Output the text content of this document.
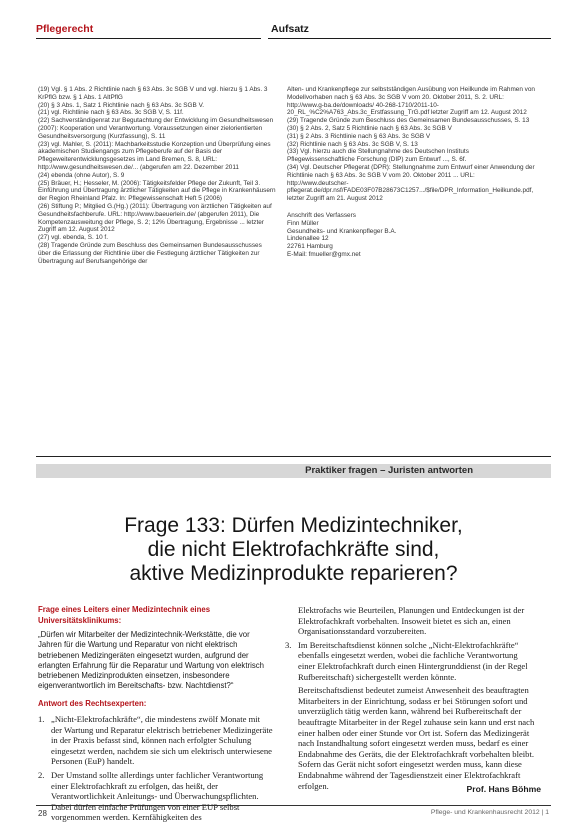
Pflegerecht	Aufsatz

(19) Vgl. § 1 Abs. 2 Richtlinie nach § 63 Abs. 3c SGB V und vgl. hierzu § 1 Abs. 3 KrPflG bzw. § 1 Abs. 1 AltPflG

(20) § 3 Abs. 1, Satz 1 Richtlinie nach § 63 Abs. 3c SGB V.

(21) vgl. Richtlinie nach § 63 Abs. 3c SGB V, S. 11f.

(22) Sachverständigenrat zur Begutachtung der Entwicklung im Gesundheitswesen (2007): Kooperation und Verantwortung. Voraussetzungen einer zielorientierten Gesundheitsversorgung (Kurzfassung), S. 11

(23) vgl. Mahler, S. (2011): Machbarkeitsstudie Konzeption und Überprüfung eines akademischen Studiengangs zum Pflegeberufe auf der Basis der Pflegeweiterentwicklungsgesetzes im Land Bremen, S. 8, URL: http://www.gesundheitswesen.de/... (abgerufen am 22. Dezember 2011

(24) ebenda (ohne Autor), S. 9

(25) Bräuer, H.; Hesseler, M. (2006): Tätigkeitsfelder Pflege der Zukunft, Teil 3. Einführung und Übertragung ärztlicher Tätigkeiten auf die Pflege in Krankenhäusern der Region Rheinland Pfalz. In: Pflegewissenschaft Heft 5 (2006)

(26) Stiftung P.; Mitglied G.(Hg.) (2011): Übertragung von ärztlichen Tätigkeiten auf Gesundheitsfachberufe. URL: http://www.baeuerlein.de/ (abgerufen 2011), Die Kompetenzausweitung der Pflege, S. 2; 12% Übertragung, Ergebnisse ... letzter Zugriff am 12. August 2012

(27) vgl. ebenda, S. 10 f.

(28) Tragende Gründe zum Beschluss des Gemeinsamen Bundesausschusses über die Erlassung der Richtlinie über die Festlegung ärztlicher Tätigkeiten zur Übertragung auf Berufsangehörige der

Alten- und Krankenpflege zur selbstständigen Ausübung von Heilkunde im Rahmen von Modellvorhaben nach § 63 Abs. 3c SGB V vom 20. Oktober 2011, S. 2. URL: http://www.g-ba.de/downloads/ 40-268-1710/2011-10-20_RL_%C2%A763_Abs.3c_Erstfassung_TrG.pdf letzter Zugriff am 12. August 2012

(29) Tragende Gründe zum Beschluss des Gemeinsamen Bundesausschusses, S. 13

(30) § 2 Abs. 2, Satz 5 Richtlinie nach § 63 Abs. 3c SGB V

(31) § 2 Abs. 3 Richtlinie nach § 63 Abs. 3c SGB V

(32) Richtlinie nach § 63 Abs. 3c SGB V, S. 13

(33) Vgl. hierzu auch die Stellungnahme des Deutschen Instituts Pflegewissenschaftliche Forschung (DIP) zum Entwurf ..., S. 6f.

(34) Vgl. Deutscher Pflegerat (DPR): Stellungnahme zum Entwurf einer Anwendung der Richtlinie nach § 63 Abs. 3c SGB V vom 20. Oktober 2011 ... URL: http://www.deutscher-pflegerat.de/dpr.nsf/FADE03F07B28673C1257.../$file/DPR_Information_Heilkunde.pdf, letzter Zugriff am 21. August 2012

Anschrift des Verfassers

Finn Müller

Gesundheits- und Krankenpfleger B.A.

Lindenallee 12

22761 Hamburg

E-Mail: fmueller@gmx.net

Praktiker fragen – Juristen antworten
Frage 133: Dürfen Medizintechniker,
die nicht Elektrofachkräfte sind,
aktive Medizinprodukte reparieren?

Frage eines Leiters einer Medizintechnik eines Universitätsklinikums:

„Dürfen wir Mitarbeiter der Medizintechnik-Werkstätte, die vor Jahren für die Wartung und Reparatur von nicht elektrisch betriebenen Medizingeräten eingesetzt wurden, aufgrund der erlangten Erfahrung für die Reparatur und Wartung von elektrisch betriebenen Medizinprodukten einsetzen, insbesondere eigenverantwortlich im Bereitschafts- bzw. Nachtdienst?“

Antwort des Rechtsexperten:

1. „Nicht-Elektrofachkräfte“, die mindestens zwölf Monate mit der Wartung und Reparatur elektrisch betriebener Medizingeräte in der Praxis befasst sind, können nach erfolgter Schulung eingesetzt werden, nachdem sie sich um elektrisch unterwiesene Personen (EuP) handelt.
2. Der Umstand sollte allerdings unter fachlicher Verantwortung einer Elektrofachkraft zu erfolgen, das heißt, der Verantwortlichkeit Anleitungs- und Überwachungspflichten. Dabei dürfen einfache Prüfungen von einer EUP selbst vorgenommen werden. Kernfähigkeiten des
Elektrofachs wie Beurteilen, Planungen und Entdeckungen ist der Elektrofachkraft vorbehalten. Insoweit bietet es sich an, einen Organisationsstandard vorzubereiten.
3. Im Bereitschaftsdienst können solche „Nicht-Elektrofachkräfte“ ebenfalls eingesetzt werden, wobei die fachliche Verantwortung einer Elektrofachkraft durch einen Hintergrunddienst (in der Regel Rufbereitschaft) sichergestellt werden könnte.
Bereitschaftsdienst bedeutet zumeist Anwesenheit des beauftragten Mitarbeiters in der Einrichtung, sodass er bei Störungen sofort und unverzüglich tätig werden kann, während bei Rufbereitschaft der beauftragte Mitarbeiter in der Regel zuhause sein kann und erst nach einer halben oder einer Stunde vor Ort ist. Sofern das Medizingerät nach Instandhaltung sofort eingesetzt werden muss, bedarf es einer Endabnahme des Geräts, die der Elektrofachkraft vorbehalten bleibt. Sofern das Gerät nicht sofort eingesetzt werden muss, kann diese Endabnahme während der Tagesdienstzeit einer Elektrofachkraft erfolgen.	Prof. Hans Böhme
28	Pflege- und Krankenhausrecht 2012 | 1
